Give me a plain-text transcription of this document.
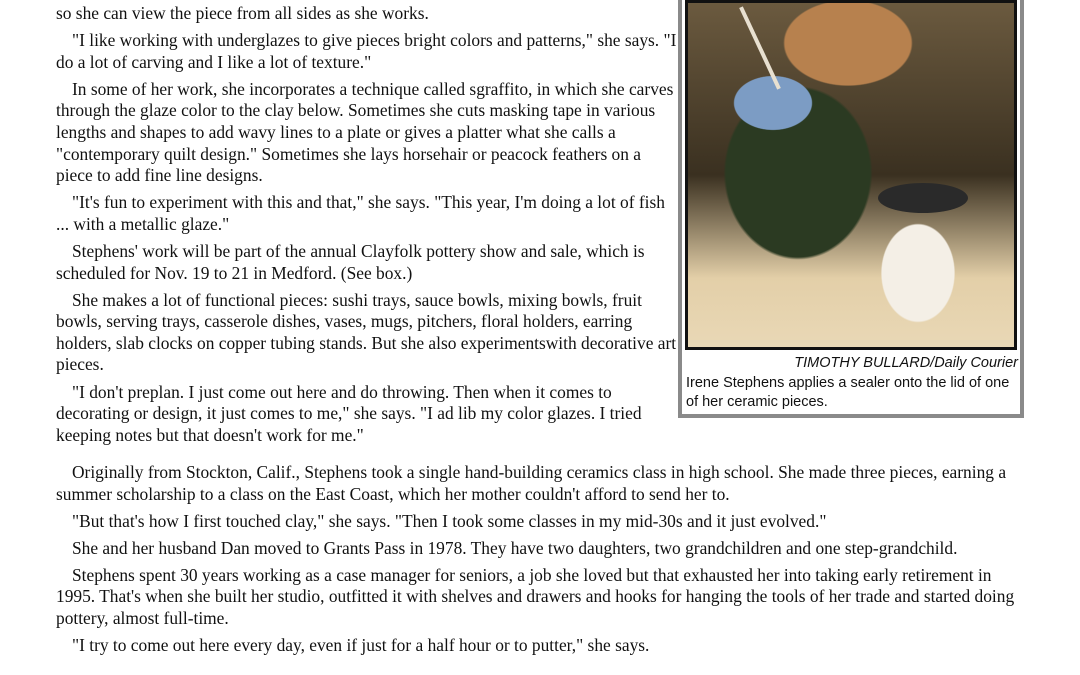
so she can view the piece from all sides as she works.

"I like working with underglazes to give pieces bright colors and patterns," she says. "I do a lot of carving and I like a lot of texture."

In some of her work, she incorporates a technique called sgraffito, in which she carves through the glaze color to the clay below. Sometimes she cuts masking tape in various lengths and shapes to add wavy lines to a plate or gives a platter what she calls a "contemporary quilt design." Sometimes she lays horsehair or peacock feathers on a piece to add fine line designs.

"It's fun to experiment with this and that," she says. "This year, I'm doing a lot of fish ... with a metallic glaze."

Stephens' work will be part of the annual Clayfolk pottery show and sale, which is scheduled for Nov. 19 to 21 in Medford. (See box.)

She makes a lot of functional pieces: sushi trays, sauce bowls, mixing bowls, fruit bowls, serving trays, casserole dishes, vases, mugs, pitchers, floral holders, earring holders, slab clocks on copper tubing stands. But she also experimentswith decorative art pieces.

"I don't preplan. I just come out here and do throwing. Then when it comes to decorating or design, it just comes to me," she says. "I ad lib my color glazes. I tried keeping notes but that doesn't work for me."

TIMOTHY BULLARD/Daily Courier
Irene Stephens applies a sealer onto the lid of one of her ceramic pieces.

Originally from Stockton, Calif., Stephens took a single hand-building ceramics class in high school. She made three pieces, earning a summer scholarship to a class on the East Coast, which her mother couldn't afford to send her to.

"But that's how I first touched clay," she says. "Then I took some classes in my mid-30s and it just evolved."

She and her husband Dan moved to Grants Pass in 1978. They have two daughters, two grandchildren and one step-grandchild.

Stephens spent 30 years working as a case manager for seniors, a job she loved but that exhausted her into taking early retirement in 1995. That's when she built her studio, outfitted it with shelves and drawers and hooks for hanging the tools of her trade and started doing pottery, almost full-time.

"I try to come out here every day, even if just for a half hour or to putter," she says.
